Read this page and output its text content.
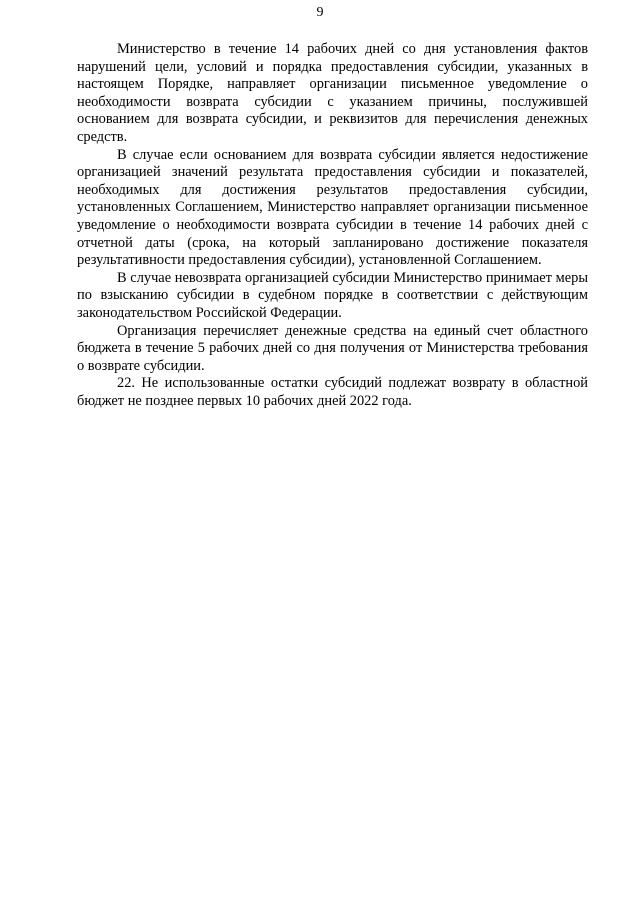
9

Министерство в течение 14 рабочих дней со дня установления фактов нарушений цели, условий и порядка предоставления субсидии, указанных в настоящем Порядке, направляет организации письменное уведомление о необходимости возврата субсидии с указанием причины, послужившей основанием для возврата субсидии, и реквизитов для перечисления денежных средств.

В случае если основанием для возврата субсидии является недостижение организацией значений результата предоставления субсидии и показателей, необходимых для достижения результатов предоставления субсидии, установленных Соглашением, Министерство направляет организации письменное уведомление о необходимости возврата субсидии в течение 14 рабочих дней с отчетной даты (срока, на который запланировано достижение показателя результативности предоставления субсидии), установленной Соглашением.

В случае невозврата организацией субсидии Министерство принимает меры по взысканию субсидии в судебном порядке в соответствии с действующим законодательством Российской Федерации.

Организация перечисляет денежные средства на единый счет областного бюджета в течение 5 рабочих дней со дня получения от Министерства требования о возврате субсидии.

22. Не использованные остатки субсидий подлежат возврату в областной бюджет не позднее первых 10 рабочих дней 2022 года.
